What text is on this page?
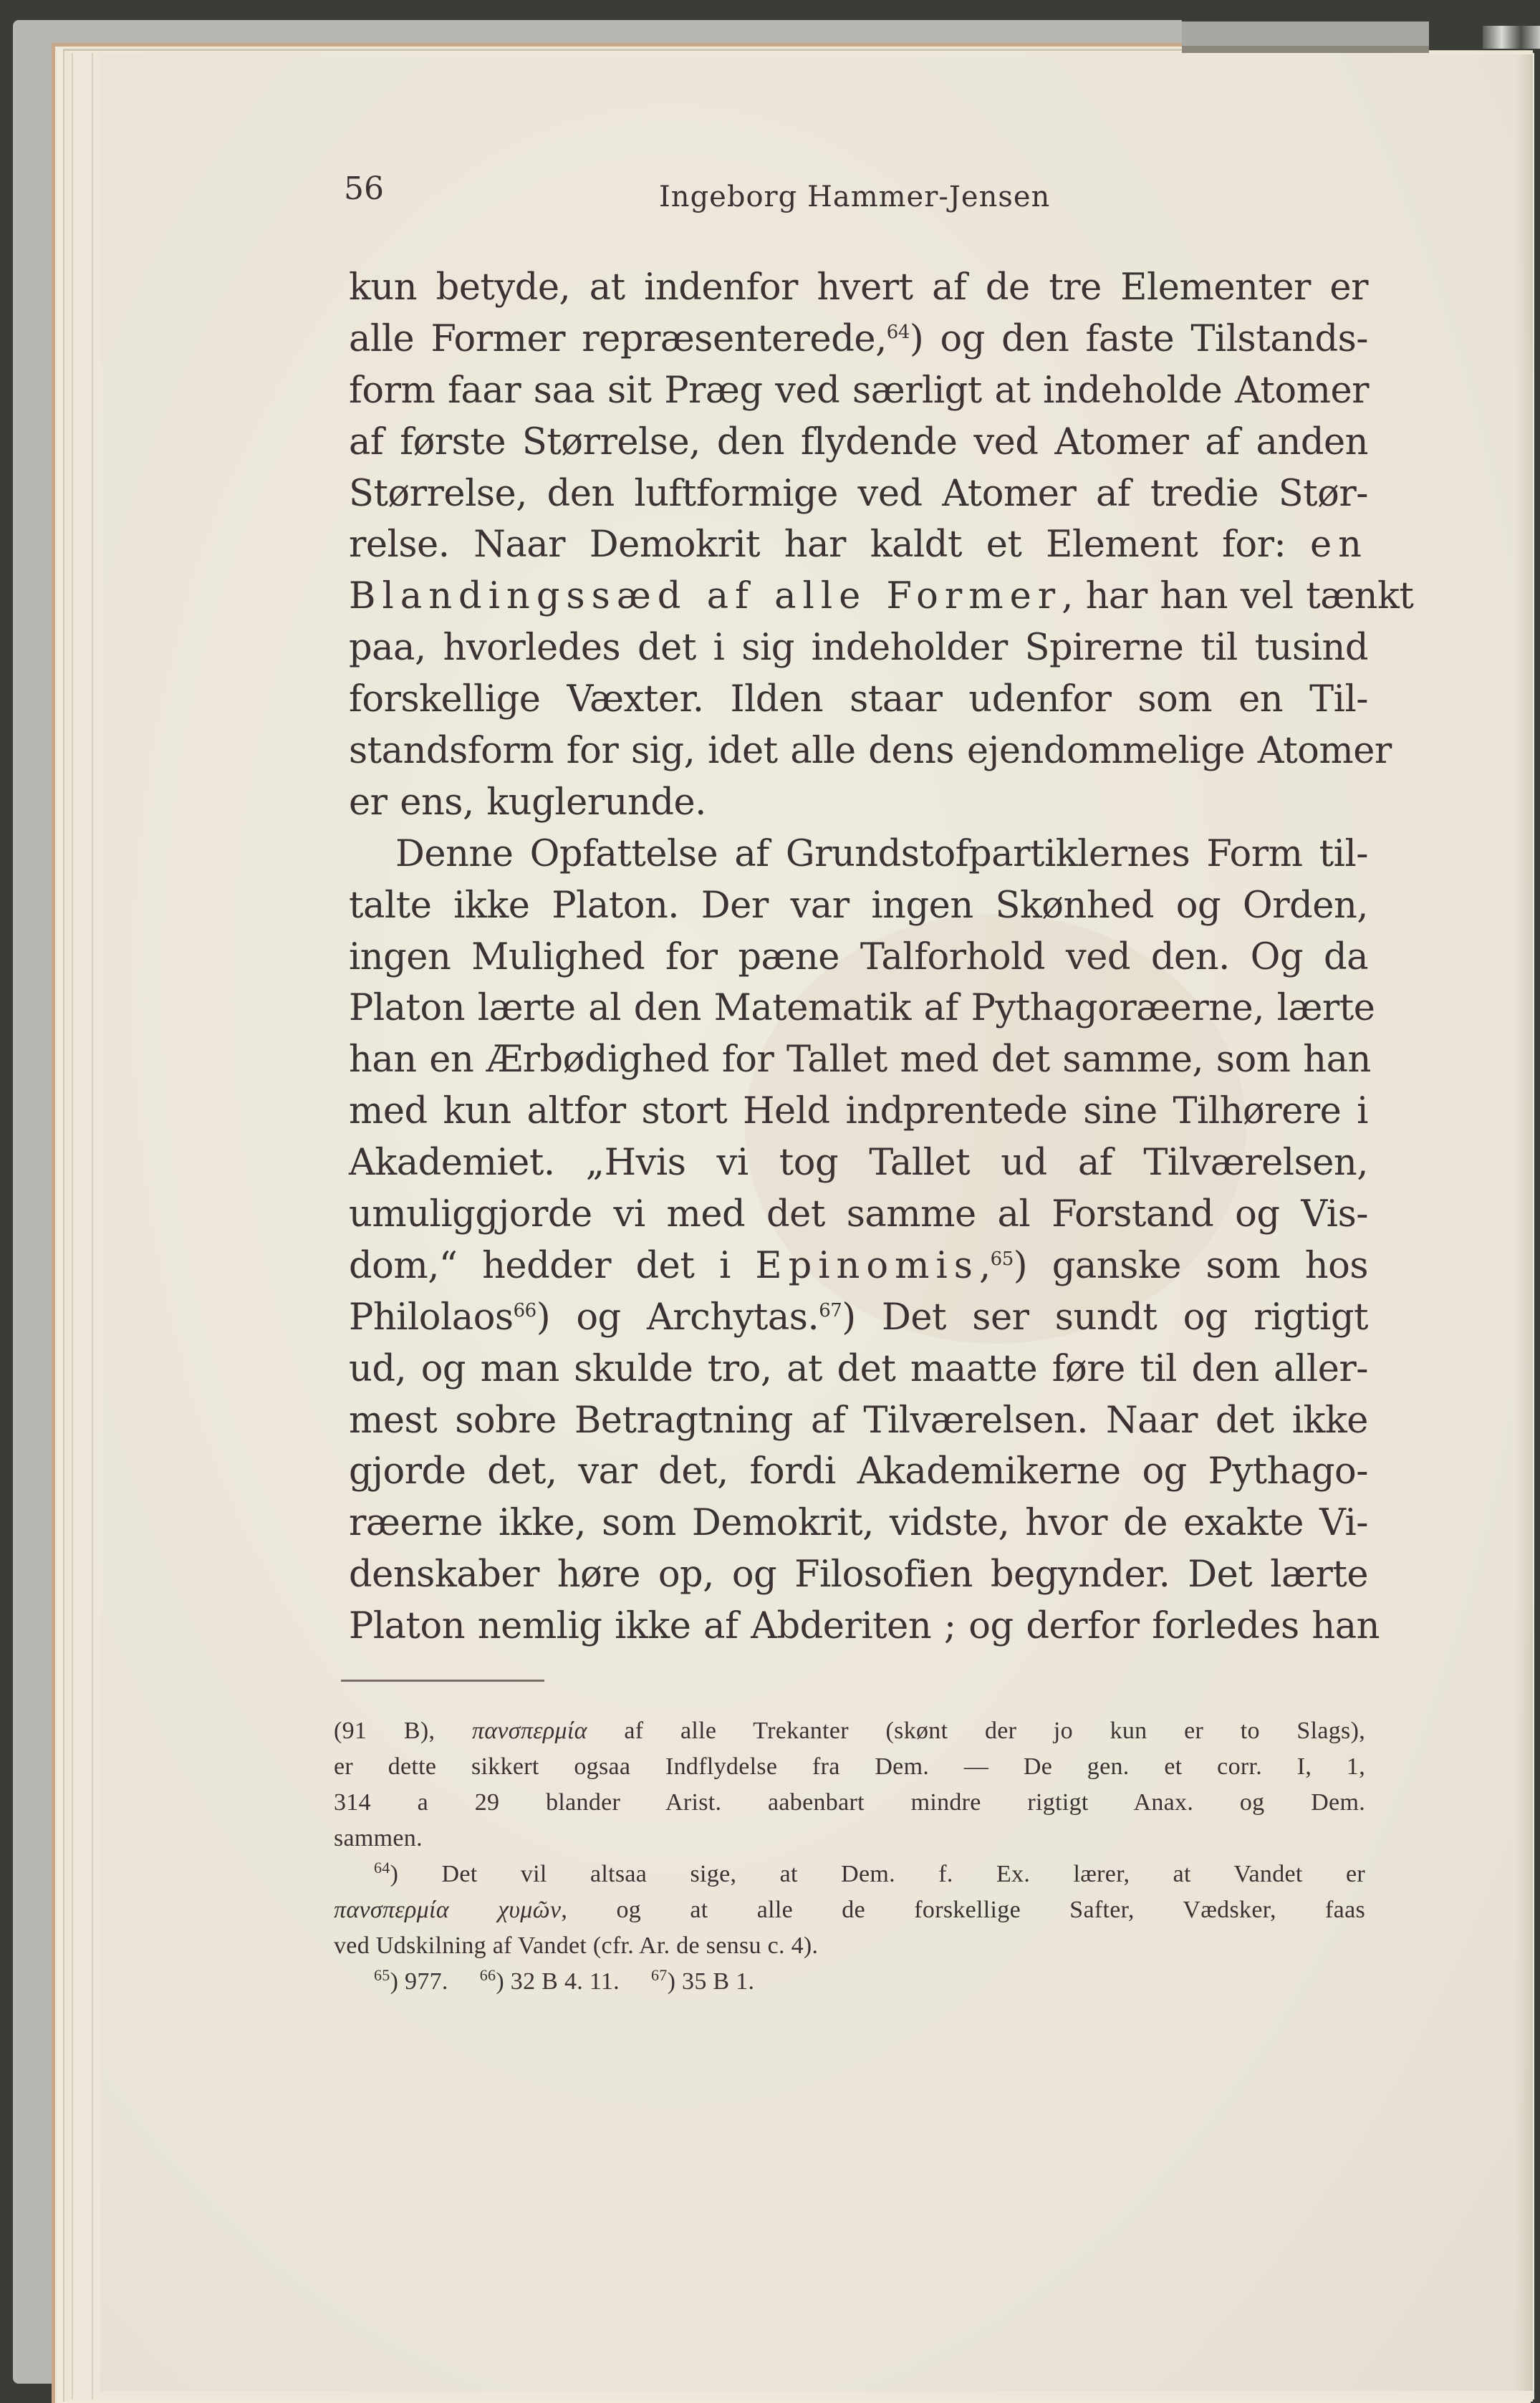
56	Ingeborg Hammer-Jensen
kun betyde, at indenfor hvert af de tre Elementer er
alle Former repræsenterede,$^{64}$) og den faste Tilstands-
form faar saa sit Præg ved særligt at indeholde Atomer
af første Størrelse, den flydende ved Atomer af anden
Størrelse, den luftformige ved Atomer af tredie Stør-
relse. Naar Demokrit har kaldt et Element for: en
Blandingssæd af alle Former, har han vel tænkt
paa, hvorledes det i sig indeholder Spirerne til tusind
forskellige Væxter. Ilden staar udenfor som en Til-
standsform for sig, idet alle dens ejendommelige Atomer
er ens, kuglerunde.
Denne Opfattelse af Grundstofpartiklernes Form til-
talte ikke Platon. Der var ingen Skønhed og Orden,
ingen Mulighed for pæne Talforhold ved den. Og da
Platon lærte al den Matematik af Pythagoræerne, lærte
han en Ærbødighed for Tallet med det samme, som han
med kun altfor stort Held indprentede sine Tilhørere i
Akademiet. „Hvis vi tog Tallet ud af Tilværelsen,
umuliggjorde vi med det samme al Forstand og Vis-
dom,“ hedder det i Epinomis,$^{65}$) ganske som hos
Philolaos$^{66}$) og Archytas.$^{67}$) Det ser sundt og rigtigt
ud, og man skulde tro, at det maatte føre til den aller-
mest sobre Betragtning af Tilværelsen. Naar det ikke
gjorde det, var det, fordi Akademikerne og Pythago-
ræerne ikke, som Demokrit, vidste, hvor de exakte Vi-
denskaber høre op, og Filosofien begynder. Det lærte
Platon nemlig ikke af Abderiten ; og derfor forledes han
(91 B), πανσπερμία af alle Trekanter (skønt der jo kun er to Slags),
er dette sikkert ogsaa Indflydelse fra Dem. — De gen. et corr. I, 1,
314 a 29 blander Arist. aabenbart mindre rigtigt Anax. og Dem.
sammen.
$^{64}$) Det vil altsaa sige, at Dem. f. Ex. lærer, at Vandet er
πανσπερμία χυμῶν, og at alle de forskellige Safter, Vædsker, faas
ved Udskilning af Vandet (cfr. Ar. de sensu c. 4).
$^{65}$) 977.     $^{66}$) 32 B 4. 11.     $^{67}$) 35 B 1.
